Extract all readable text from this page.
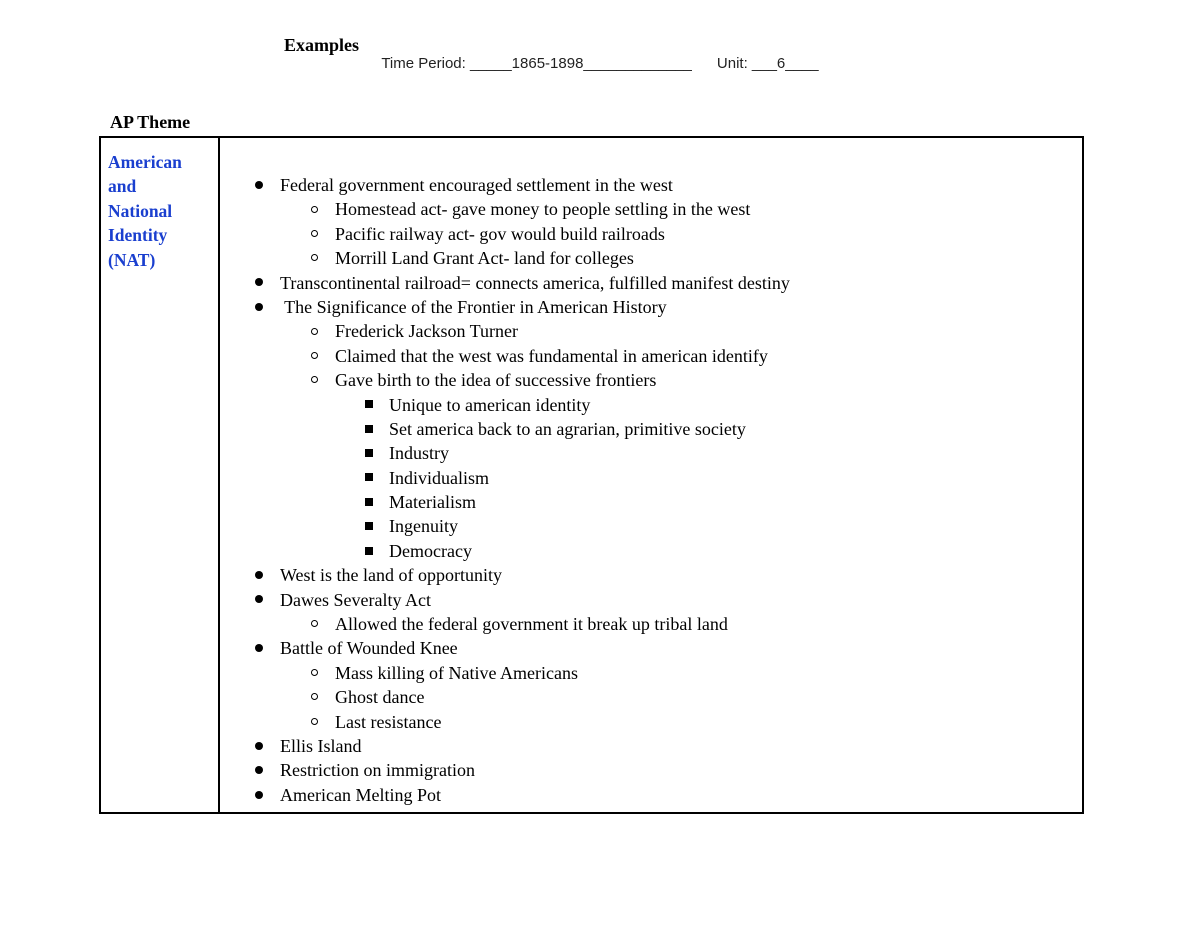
Time Period: _____1865-1898_____________ Unit: ___6____
AP Theme
Examples
American
and
National
Identity
(NAT)
Federal government encouraged settlement in the west
Homestead act- gave money to people settling in the west
Pacific railway act- gov would build railroads
Morrill Land Grant Act- land for colleges
Transcontinental railroad= connects america, fulfilled manifest destiny
The Significance of the Frontier in American History
Frederick Jackson Turner
Claimed that the west was fundamental in american identify
Gave birth to the idea of successive frontiers
Unique to american identity
Set america back to an agrarian, primitive society
Industry
Individualism
Materialism
Ingenuity
Democracy
West is the land of opportunity
Dawes Severalty Act
Allowed the federal government it break up tribal land
Battle of Wounded Knee
Mass killing of Native Americans
Ghost dance
Last resistance
Ellis Island
Restriction on immigration
American Melting Pot
